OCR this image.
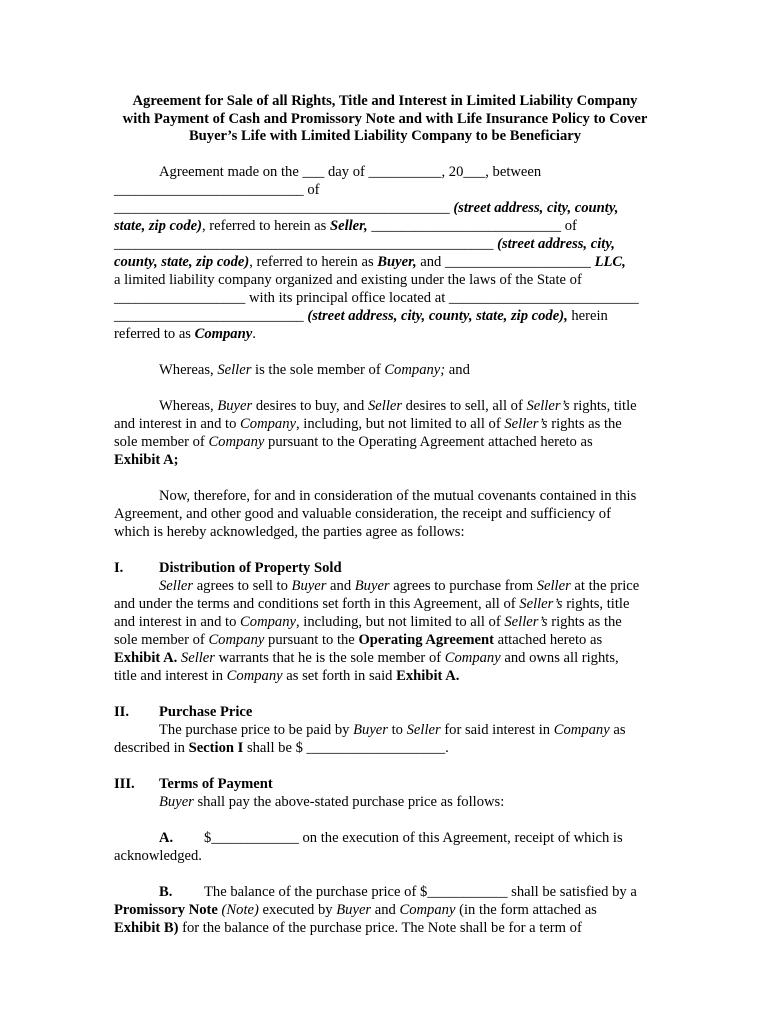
Agreement for Sale of all Rights, Title and Interest in Limited Liability Company
with Payment of Cash and Promissory Note and with Life Insurance Policy to Cover
Buyer’s Life with Limited Liability Company to be Beneficiary
Agreement made on the ___ day of __________, 20___, between
__________________________ of
______________________________________________ (street address, city, county,
state, zip code), referred to herein as Seller, __________________________ of
____________________________________________________ (street address, city,
county, state, zip code), referred to herein as Buyer, and ____________________ LLC,
a limited liability company organized and existing under the laws of the State of
__________________ with its principal office located at __________________________
__________________________ (street address, city, county, state, zip code), herein
referred to as Company.
Whereas, Seller is the sole member of Company; and
Whereas, Buyer desires to buy, and Seller desires to sell, all of Seller’s rights, title
and interest in and to Company, including, but not limited to all of Seller’s rights as the
sole member of Company pursuant to the Operating Agreement attached hereto as
Exhibit A;
Now, therefore, for and in consideration of the mutual covenants contained in this
Agreement, and other good and valuable consideration, the receipt and sufficiency of
which is hereby acknowledged, the parties agree as follows:
I. Distribution of Property Sold
Seller agrees to sell to Buyer and Buyer agrees to purchase from Seller at the price
and under the terms and conditions set forth in this Agreement, all of Seller’s rights, title
and interest in and to Company, including, but not limited to all of Seller’s rights as the
sole member of Company pursuant to the Operating Agreement attached hereto as
Exhibit A. Seller warrants that he is the sole member of Company and owns all rights,
title and interest in Company as set forth in said Exhibit A.
II. Purchase Price
The purchase price to be paid by Buyer to Seller for said interest in Company as
described in Section I shall be $ ___________________.
III. Terms of Payment
Buyer shall pay the above-stated purchase price as follows:
A. $____________ on the execution of this Agreement, receipt of which is
acknowledged.
B. The balance of the purchase price of $___________ shall be satisfied by a
Promissory Note (Note) executed by Buyer and Company (in the form attached as
Exhibit B) for the balance of the purchase price. The Note shall be for a term of
